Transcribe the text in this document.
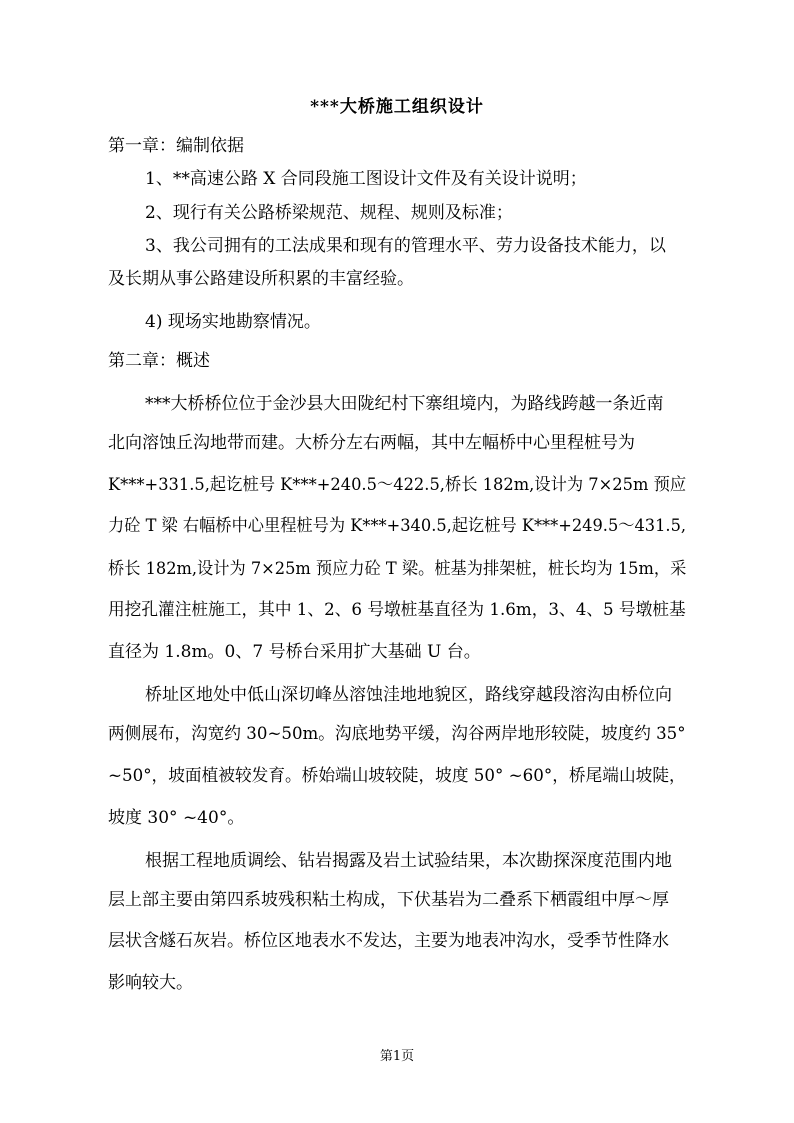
***大桥施工组织设计
第一章：编制依据
1、**高速公路 X 合同段施工图设计文件及有关设计说明；
2、现行有关公路桥梁规范、规程、规则及标准；
3、我公司拥有的工法成果和现有的管理水平、劳力设备技术能力，以
及长期从事公路建设所积累的丰富经验。
4) 现场实地勘察情况。
第二章：概述
***大桥桥位位于金沙县大田陇纪村下寨组境内，为路线跨越一条近南
北向溶蚀丘沟地带而建。大桥分左右两幅，其中左幅桥中心里程桩号为
K***+331.5,起讫桩号 K***+240.5～422.5,桥长 182m,设计为 7×25m 预应
力砼 T 梁 右幅桥中心里程桩号为 K***+340.5,起讫桩号 K***+249.5～431.5,
桥长 182m,设计为 7×25m 预应力砼 T 梁。桩基为排架桩，桩长均为 15m，采
用挖孔灌注桩施工，其中 1、2、6 号墩桩基直径为 1.6m，3、4、5 号墩桩基
直径为 1.8m。0、7 号桥台采用扩大基础 U 台。
桥址区地处中低山深切峰丛溶蚀洼地地貌区，路线穿越段溶沟由桥位向
两侧展布，沟宽约 30~50m。沟底地势平缓，沟谷两岸地形较陡，坡度约 35°
~50°，坡面植被较发育。桥始端山坡较陡，坡度 50° ~60°，桥尾端山坡陡，
坡度 30° ~40°。
根据工程地质调绘、钻岩揭露及岩土试验结果，本次勘探深度范围内地
层上部主要由第四系坡残积粘土构成，下伏基岩为二叠系下栖霞组中厚～厚
层状含燧石灰岩。桥位区地表水不发达，主要为地表冲沟水，受季节性降水
影响较大。
第1页
